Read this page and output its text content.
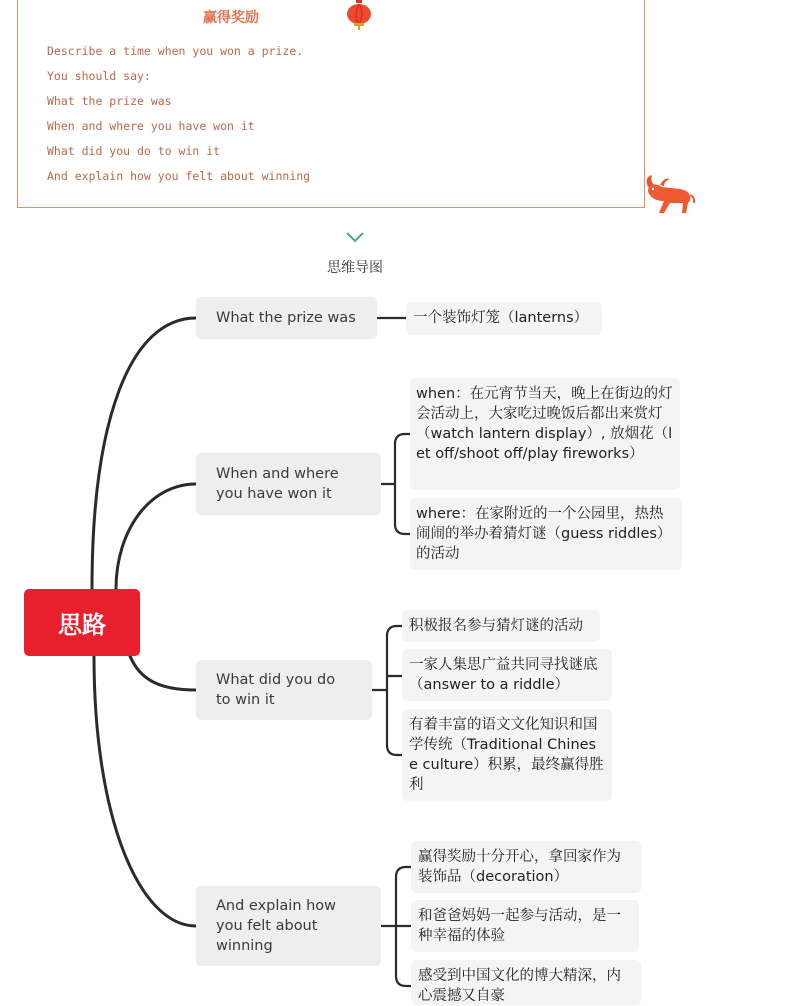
赢得奖励
Describe a time when you won a prize.
You should say:
What the prize was
When and where you have won it
What did you do to win it
And explain how you felt about winning
思维导图
思路
What the prize was	一个装饰灯笼（lanterns）
When and where you have won it
when：在元宵节当天，晚上在街边的灯会活动上，大家吃过晚饭后都出来赏灯（watch lantern display）, 放烟花（let off/shoot off/play fireworks）
where：在家附近的一个公园里，热热闹闹的举办着猜灯谜（guess riddles）的活动
What did you do to win it
积极报名参与猜灯谜的活动
一家人集思广益共同寻找谜底（answer to a riddle）
有着丰富的语文文化知识和国学传统（Traditional Chinese culture）积累，最终赢得胜利
And explain how you felt about winning
赢得奖励十分开心，拿回家作为装饰品（decoration）
和爸爸妈妈一起参与活动，是一种幸福的体验
感受到中国文化的博大精深，内心震撼又自豪
